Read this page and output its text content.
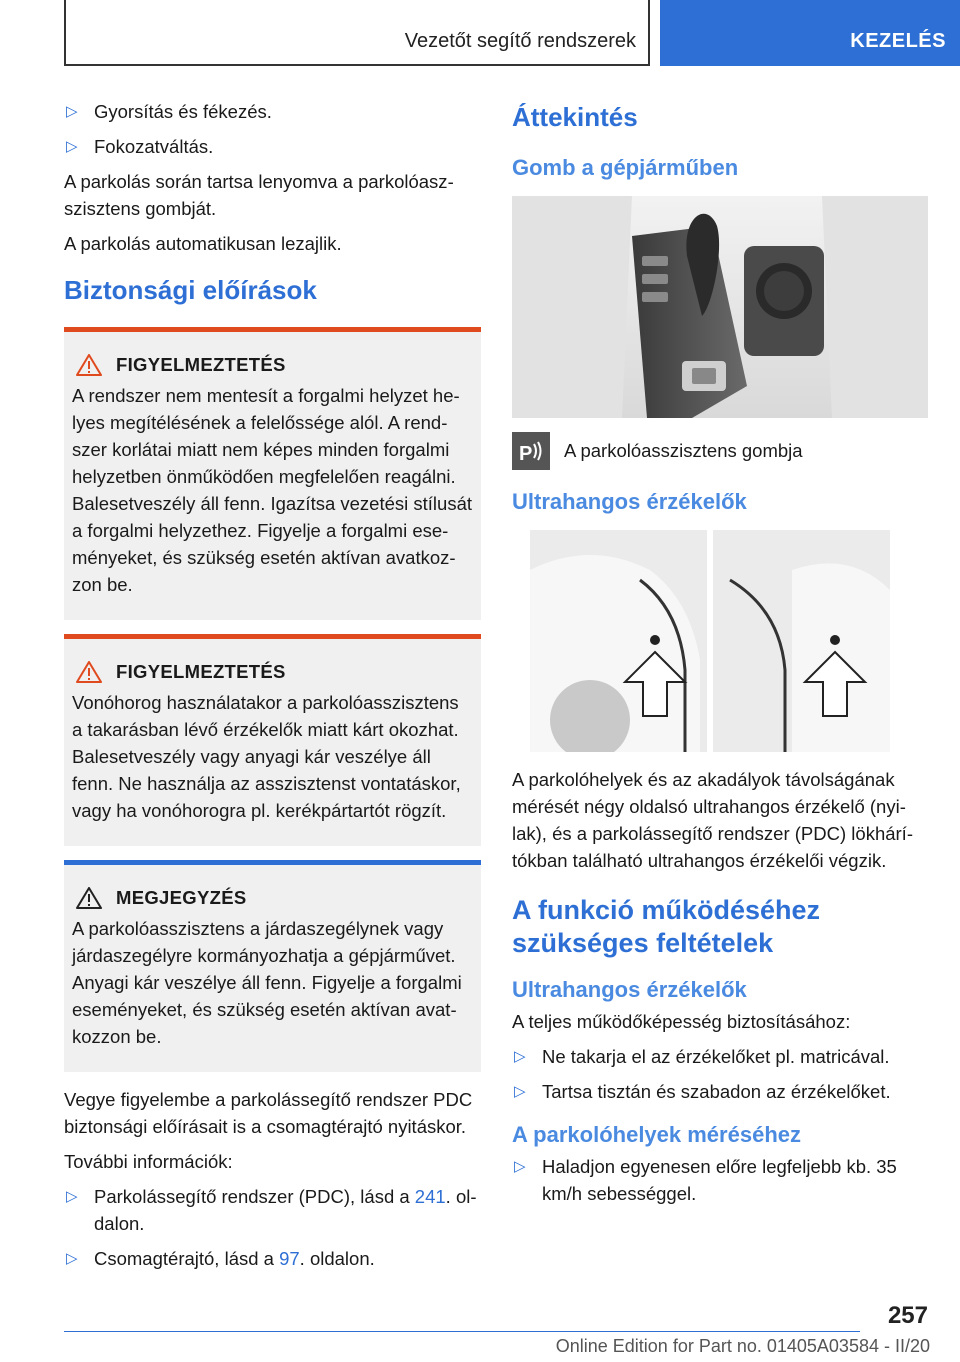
Vezetőt segítő rendszerek	KEZELÉS
▷ Gyorsítás és fékezés.
▷ Fokozatváltás.

A parkolás során tartsa lenyomva a parkolóaszszisztens gombját.

A parkolás automatikusan lezajlik.

Biztonsági előírások
FIGYELMEZTETÉS

A rendszer nem mentesít a forgalmi helyzet helyes megítélésének a felelőssége alól. A rendszer korlátai miatt nem képes minden forgalmi helyzetben önműködően megfelelően reagálni. Balesetveszély áll fenn. Igazítsa vezetési stílusát a forgalmi helyzethez. Figyelje a forgalmi eseményeket, és szükség esetén aktívan avatkozzon be.

FIGYELMEZTETÉS

Vonóhorog használatakor a parkolóasszisztens a takarásban lévő érzékelők miatt kárt okozhat. Balesetveszély vagy anyagi kár veszélye áll fenn. Ne használja az asszisztenst vontatáskor, vagy ha vonóhorogra pl. kerékpártartót rögzít.

MEGJEGYZÉS

A parkolóasszisztens a járdaszegélynek vagy járdaszegélyre kormányozhatja a gépjárművet. Anyagi kár veszélye áll fenn. Figyelje a forgalmi eseményeket, és szükség esetén aktívan avatkozzon be.

Vegye figyelembe a parkolássegítő rendszer PDC biztonsági előírásait is a csomagtérajtó nyitáskor.

További információk:

▷ Parkolássegítő rendszer (PDC), lásd a 241. oldalon.
▷ Csomagtérajtó, lásd a 97. oldalon.
Áttekintés
Gomb a gépjárműben
P A parkolóasszisztens gombja
Ultrahangos érzékelők

A parkolóhelyek és az akadályok távolságának mérését négy oldalsó ultrahangos érzékelő (nyilak), és a parkolássegítő rendszer (PDC) lökhárítókban található ultrahangos érzékelői végzik.

A funkció működéséhez szükséges feltételek
Ultrahangos érzékelők

A teljes működőképesség biztosításához:

▷ Ne takarja el az érzékelőket pl. matricával.
▷ Tartsa tisztán és szabadon az érzékelőket.
A parkolóhelyek méréséhez
▷ Haladjon egyenesen előre legfeljebb kb. 35 km/h sebességgel.
257
Online Edition for Part no. 01405A03584 - II/20
